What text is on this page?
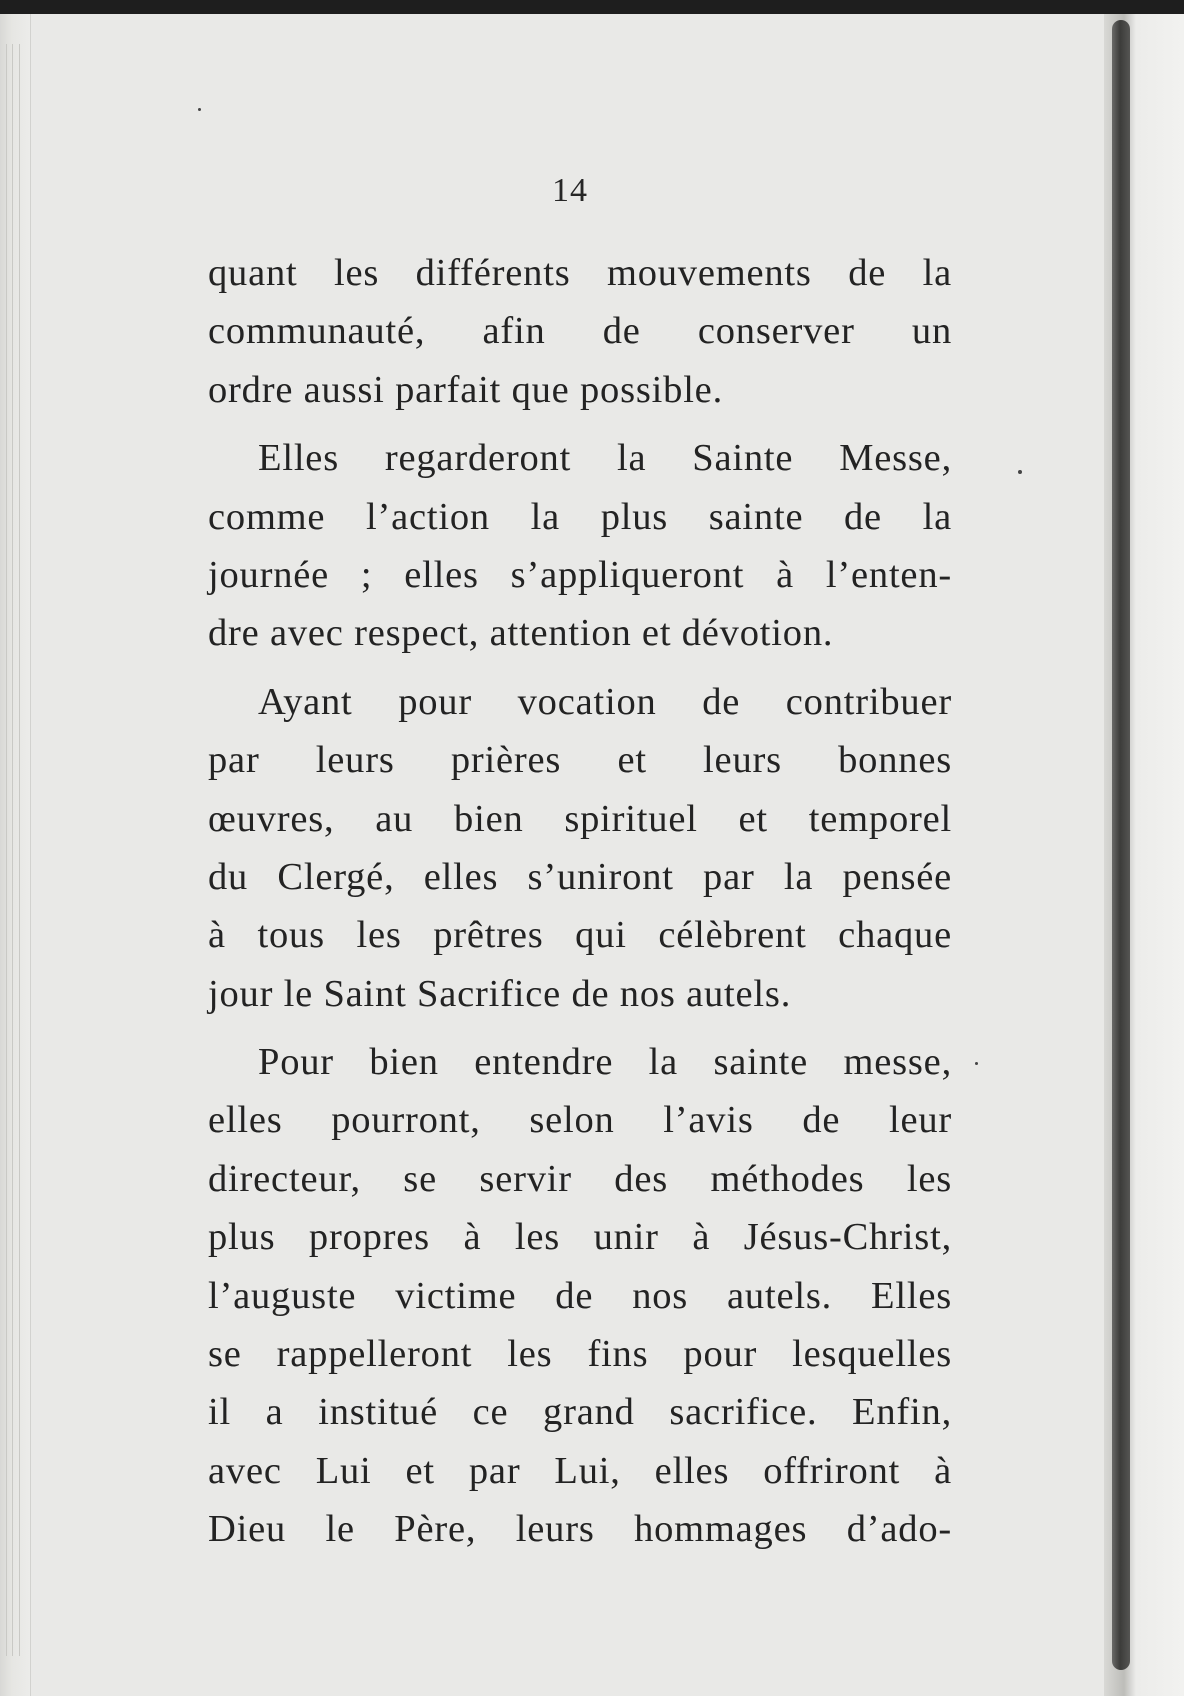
14
quant les différents mouvements de la
communauté, afin de conserver un
ordre aussi parfait que possible.
Elles regarderont la Sainte Messe,
comme l’action la plus sainte de la
journée ; elles s’appliqueront à l’enten-
dre avec respect, attention et dévotion.
Ayant pour vocation de contribuer
par leurs prières et leurs bonnes
œuvres, au bien spirituel et temporel
du Clergé, elles s’uniront par la pensée
à tous les prêtres qui célèbrent chaque
jour le Saint Sacrifice de nos autels.
Pour bien entendre la sainte messe,
elles pourront, selon l’avis de leur
directeur, se servir des méthodes les
plus propres à les unir à Jésus-Christ,
l’auguste victime de nos autels. Elles
se rappelleront les fins pour lesquelles
il a institué ce grand sacrifice. Enfin,
avec Lui et par Lui, elles offriront à
Dieu le Père, leurs hommages d’ado-
